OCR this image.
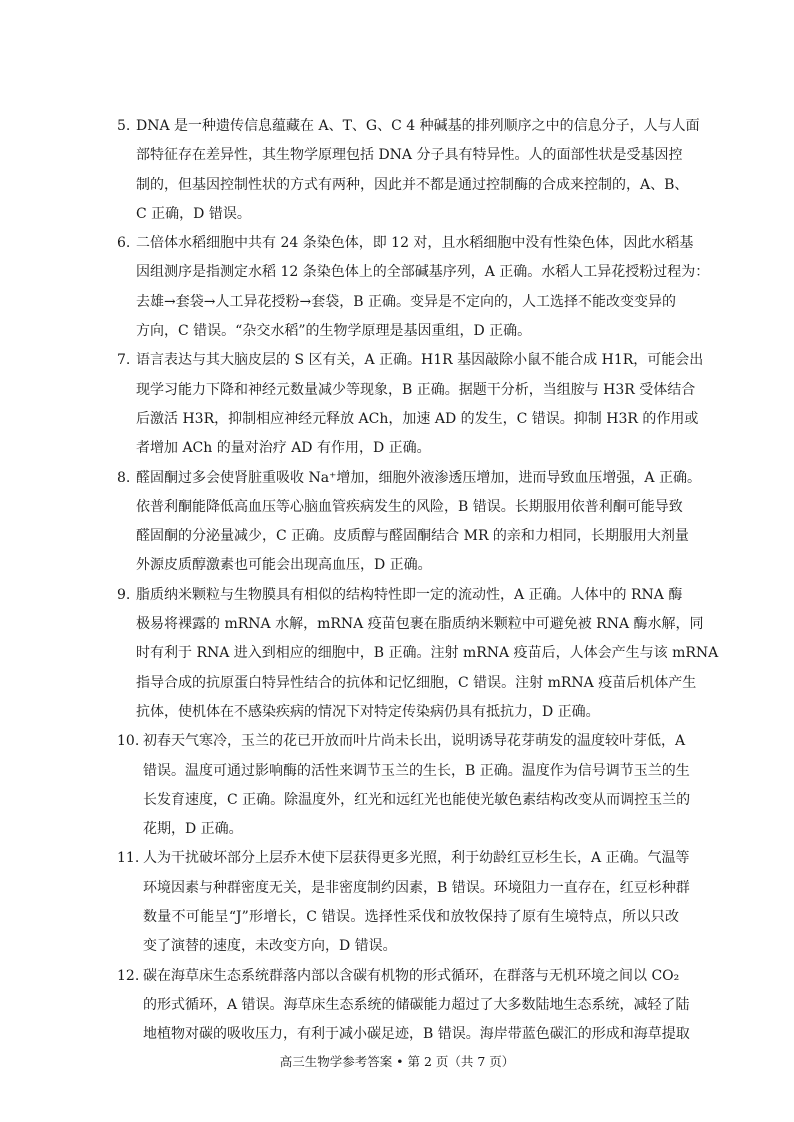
5. DNA 是一种遗传信息蕴藏在 A、T、G、C 4 种碱基的排列顺序之中的信息分子，人与人面
部特征存在差异性，其生物学原理包括 DNA 分子具有特异性。人的面部性状是受基因控
制的，但基因控制性状的方式有两种，因此并不都是通过控制酶的合成来控制的，A、B、
C 正确，D 错误。
6. 二倍体水稻细胞中共有 24 条染色体，即 12 对，且水稻细胞中没有性染色体，因此水稻基
因组测序是指测定水稻 12 条染色体上的全部碱基序列，A 正确。水稻人工异花授粉过程为：
去雄→套袋→人工异花授粉→套袋，B 正确。变异是不定向的，人工选择不能改变变异的
方向，C 错误。“杂交水稻”的生物学原理是基因重组，D 正确。
7. 语言表达与其大脑皮层的 S 区有关，A 正确。H1R 基因敲除小鼠不能合成 H1R，可能会出
现学习能力下降和神经元数量减少等现象，B 正确。据题干分析，当组胺与 H3R 受体结合
后激活 H3R，抑制相应神经元释放 ACh，加速 AD 的发生，C 错误。抑制 H3R 的作用或
者增加 ACh 的量对治疗 AD 有作用，D 正确。
8. 醛固酮过多会使肾脏重吸收 Na⁺增加，细胞外液渗透压增加，进而导致血压增强，A 正确。
依普利酮能降低高血压等心脑血管疾病发生的风险，B 错误。长期服用依普利酮可能导致
醛固酮的分泌量减少，C 正确。皮质醇与醛固酮结合 MR 的亲和力相同，长期服用大剂量
外源皮质醇激素也可能会出现高血压，D 正确。
9. 脂质纳米颗粒与生物膜具有相似的结构特性即一定的流动性，A 正确。人体中的 RNA 酶
极易将裸露的 mRNA 水解，mRNA 疫苗包裹在脂质纳米颗粒中可避免被 RNA 酶水解，同
时有利于 RNA 进入到相应的细胞中，B 正确。注射 mRNA 疫苗后，人体会产生与该 mRNA
指导合成的抗原蛋白特异性结合的抗体和记忆细胞，C 错误。注射 mRNA 疫苗后机体产生
抗体，使机体在不感染疾病的情况下对特定传染病仍具有抵抗力，D 正确。
10. 初春天气寒冷，玉兰的花已开放而叶片尚未长出，说明诱导花芽萌发的温度较叶芽低，A
错误。温度可通过影响酶的活性来调节玉兰的生长，B 正确。温度作为信号调节玉兰的生
长发育速度，C 正确。除温度外，红光和远红光也能使光敏色素结构改变从而调控玉兰的
花期，D 正确。
11. 人为干扰破坏部分上层乔木使下层获得更多光照，利于幼龄红豆杉生长，A 正确。气温等
环境因素与种群密度无关，是非密度制约因素，B 错误。环境阻力一直存在，红豆杉种群
数量不可能呈“J”形增长，C 错误。选择性采伐和放牧保持了原有生境特点，所以只改
变了演替的速度，未改变方向，D 错误。
12. 碳在海草床生态系统群落内部以含碳有机物的形式循环，在群落与无机环境之间以 CO₂
的形式循环，A 错误。海草床生态系统的储碳能力超过了大多数陆地生态系统，减轻了陆
地植物对碳的吸收压力，有利于减小碳足迹，B 错误。海岸带蓝色碳汇的形成和海草提取
高三生物学参考答案 • 第 2 页（共 7 页）
